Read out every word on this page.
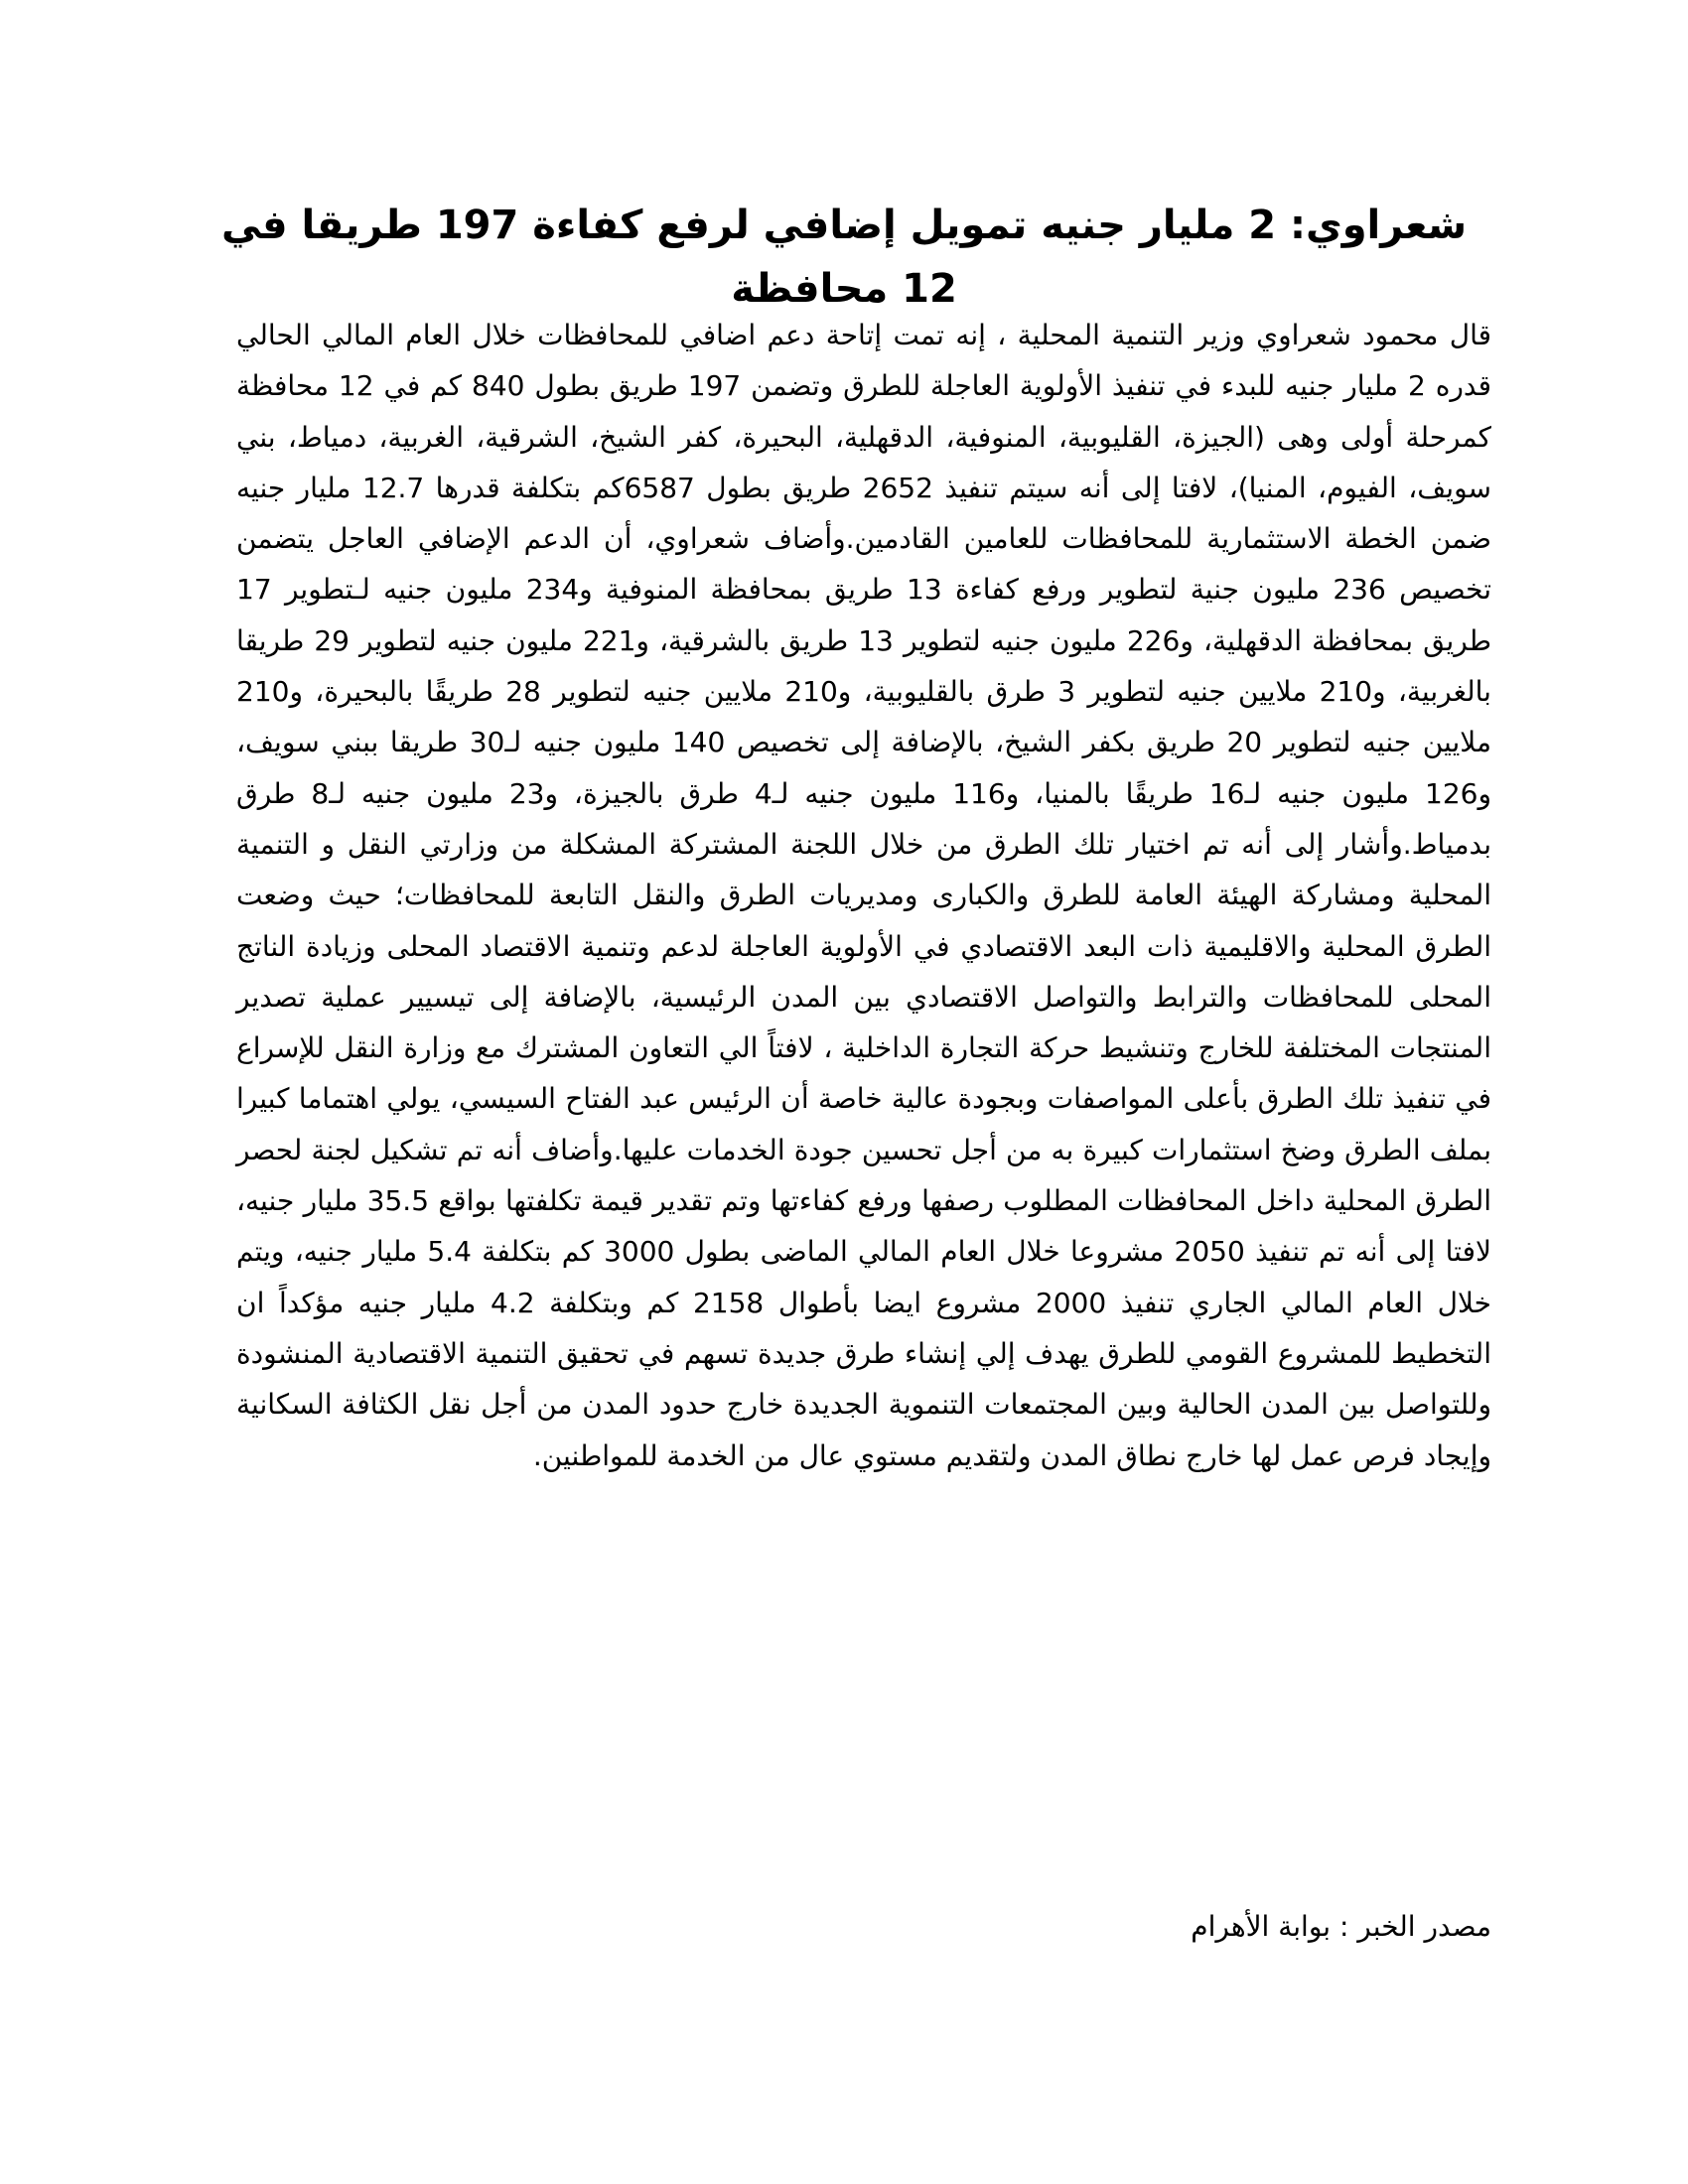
شعراوي: 2 مليار جنيه تمويل إضافي لرفع كفاءة 197 طريقا في 12 محافظة

قال محمود شعراوي وزير التنمية المحلية ، إنه تمت إتاحة دعم اضافي للمحافظات خلال العام المالي الحالي قدره 2 مليار جنيه للبدء في تنفيذ الأولوية العاجلة للطرق وتضمن 197 طريق بطول 840 كم في 12 محافظة كمرحلة أولى وهى (الجيزة، القليوبية، المنوفية، الدقهلية، البحيرة، كفر الشيخ، الشرقية، الغربية، دمياط، بني سويف، الفيوم، المنيا)، لافتا إلى أنه سيتم تنفيذ 2652 طريق بطول 6587كم بتكلفة قدرها 12.7 مليار جنيه ضمن الخطة الاستثمارية للمحافظات للعامين القادمين.وأضاف شعراوي، أن الدعم الإضافي العاجل يتضمن تخصيص 236 مليون جنية لتطوير ورفع كفاءة 13 طريق بمحافظة المنوفية و234 مليون جنيه لـتطوير 17 طريق بمحافظة الدقهلية، و226 مليون جنيه لتطوير 13 طريق بالشرقية، و221 مليون جنيه لتطوير 29 طريقا بالغربية، و210 ملايين جنيه لتطوير 3 طرق بالقليوبية، و210 ملايين جنيه لتطوير 28 طريقًا بالبحيرة، و210 ملايين جنيه لتطوير 20 طريق بكفر الشيخ، بالإضافة إلى تخصيص 140 مليون جنيه لـ30 طريقا ببني سويف، و126 مليون جنيه لـ16 طريقًا بالمنيا، و116 مليون جنيه لـ4 طرق بالجيزة، و23 مليون جنيه لـ8 طرق بدمياط.وأشار إلى أنه تم اختيار تلك الطرق من خلال اللجنة المشتركة المشكلة من وزارتي النقل و التنمية المحلية ومشاركة الهيئة العامة للطرق والكبارى ومديريات الطرق والنقل التابعة للمحافظات؛ حيث وضعت الطرق المحلية والاقليمية ذات البعد الاقتصادي في الأولوية العاجلة لدعم وتنمية الاقتصاد المحلى وزيادة الناتج المحلى للمحافظات والترابط والتواصل الاقتصادي بين المدن الرئيسية، بالإضافة إلى تيسيير عملية تصدير المنتجات المختلفة للخارج وتنشيط حركة التجارة الداخلية ، لافتاً الي التعاون المشترك مع وزارة النقل للإسراع في تنفيذ تلك الطرق بأعلى المواصفات وبجودة عالية خاصة أن الرئيس عبد الفتاح السيسي، يولي اهتماما كبيرا بملف الطرق وضخ استثمارات كبيرة به من أجل تحسين جودة الخدمات عليها.وأضاف أنه تم تشكيل لجنة لحصر الطرق المحلية داخل المحافظات المطلوب رصفها ورفع كفاءتها وتم تقدير قيمة تكلفتها بواقع 35.5 مليار جنيه، لافتا إلى أنه تم تنفيذ 2050 مشروعا خلال العام المالي الماضى بطول 3000 كم بتكلفة 5.4 مليار جنيه، ويتم خلال العام المالي الجاري تنفيذ 2000 مشروع ايضا بأطوال 2158 كم وبتكلفة 4.2 مليار جنيه مؤكداً ان التخطيط للمشروع القومي للطرق يهدف إلي إنشاء طرق جديدة تسهم في تحقيق التنمية الاقتصادية المنشودة وللتواصل بين المدن الحالية وبين المجتمعات التنموية الجديدة خارج حدود المدن من أجل نقل الكثافة السكانية وإيجاد فرص عمل لها خارج نطاق المدن ولتقديم مستوي عال من الخدمة للمواطنين.

مصدر الخبر : بوابة الأهرام
